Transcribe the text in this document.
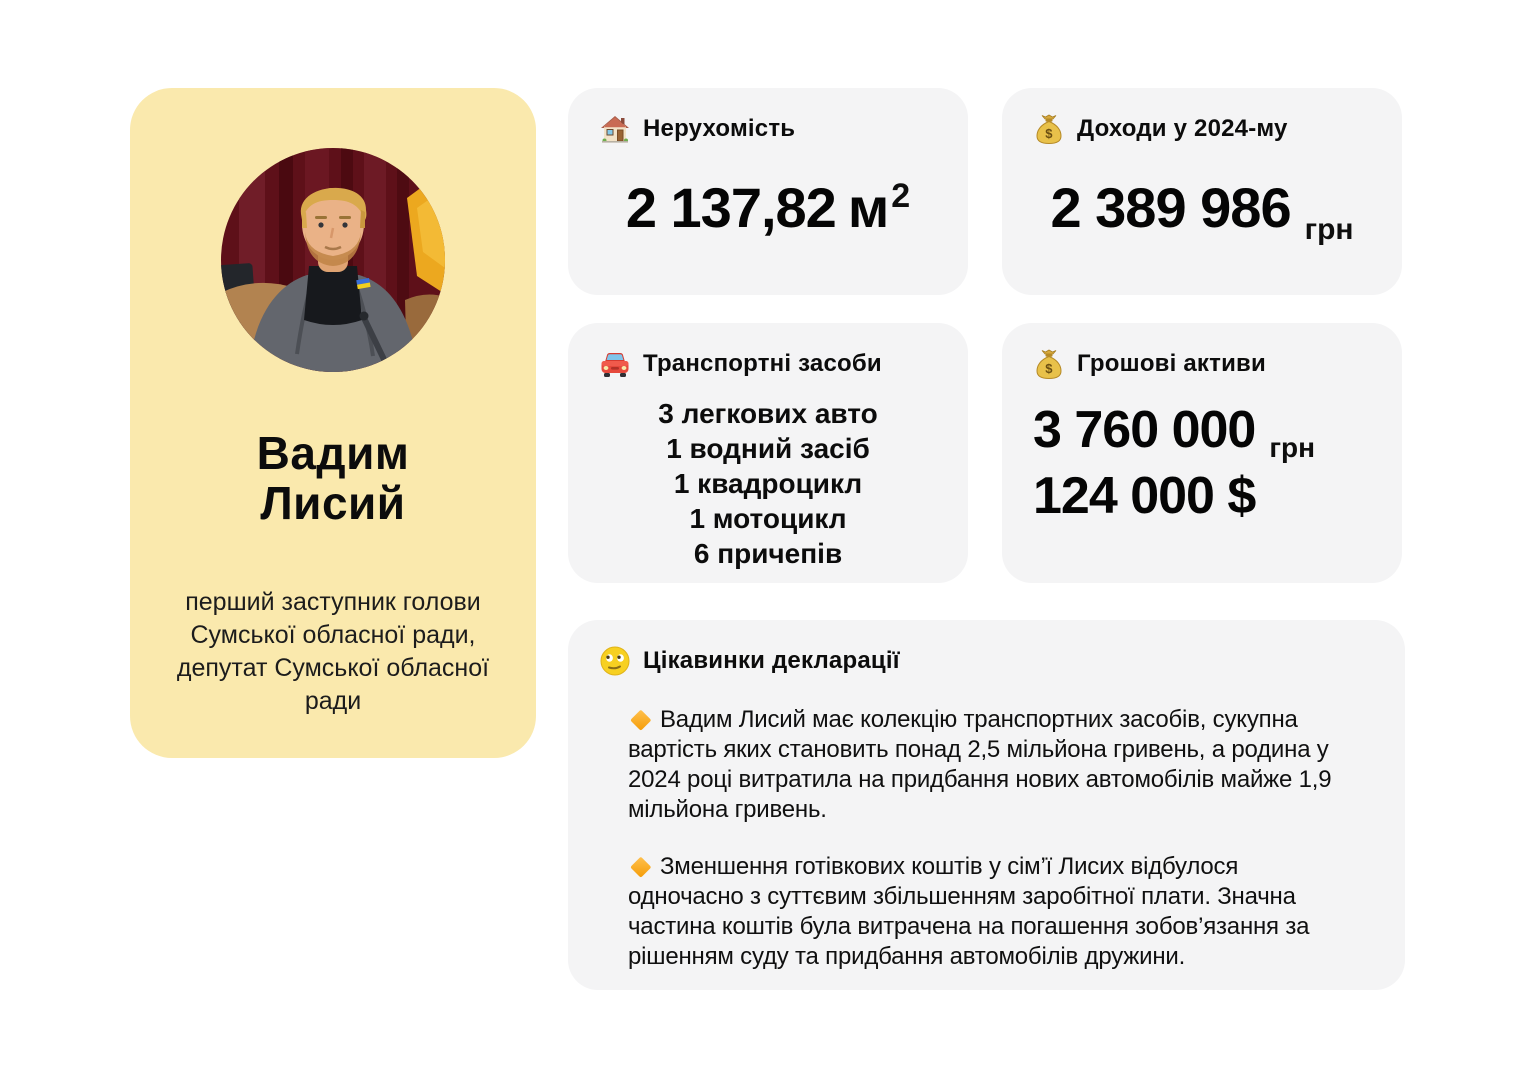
Вадим
Лисий
перший заступник голови Сумської обласної ради, депутат Сумської обласної ради
Нерухомість
2 137,82 м 2
$ Доходи у 2024-му
2 389 986 грн
Транспортні засоби
3 легкових авто
1 водний засіб
1 квадроцикл
1 мотоцикл
6 причепів
$ Грошові активи
3 760 000 грн
124 000 $
Цікавинки декларації

Вадим Лисий має колекцію транспортних засобів, сукупна вартість яких становить понад 2,5 мільйона гривень, а родина у 2024 році витратила на придбання нових автомобілів майже 1,9 мільйона гривень.

Зменшення готівкових коштів у сім’ї Лисих відбулося одночасно з суттєвим збільшенням заробітної плати. Значна частина коштів була витрачена на погашення зобов’язання за рішенням суду та придбання автомобілів дружини.
